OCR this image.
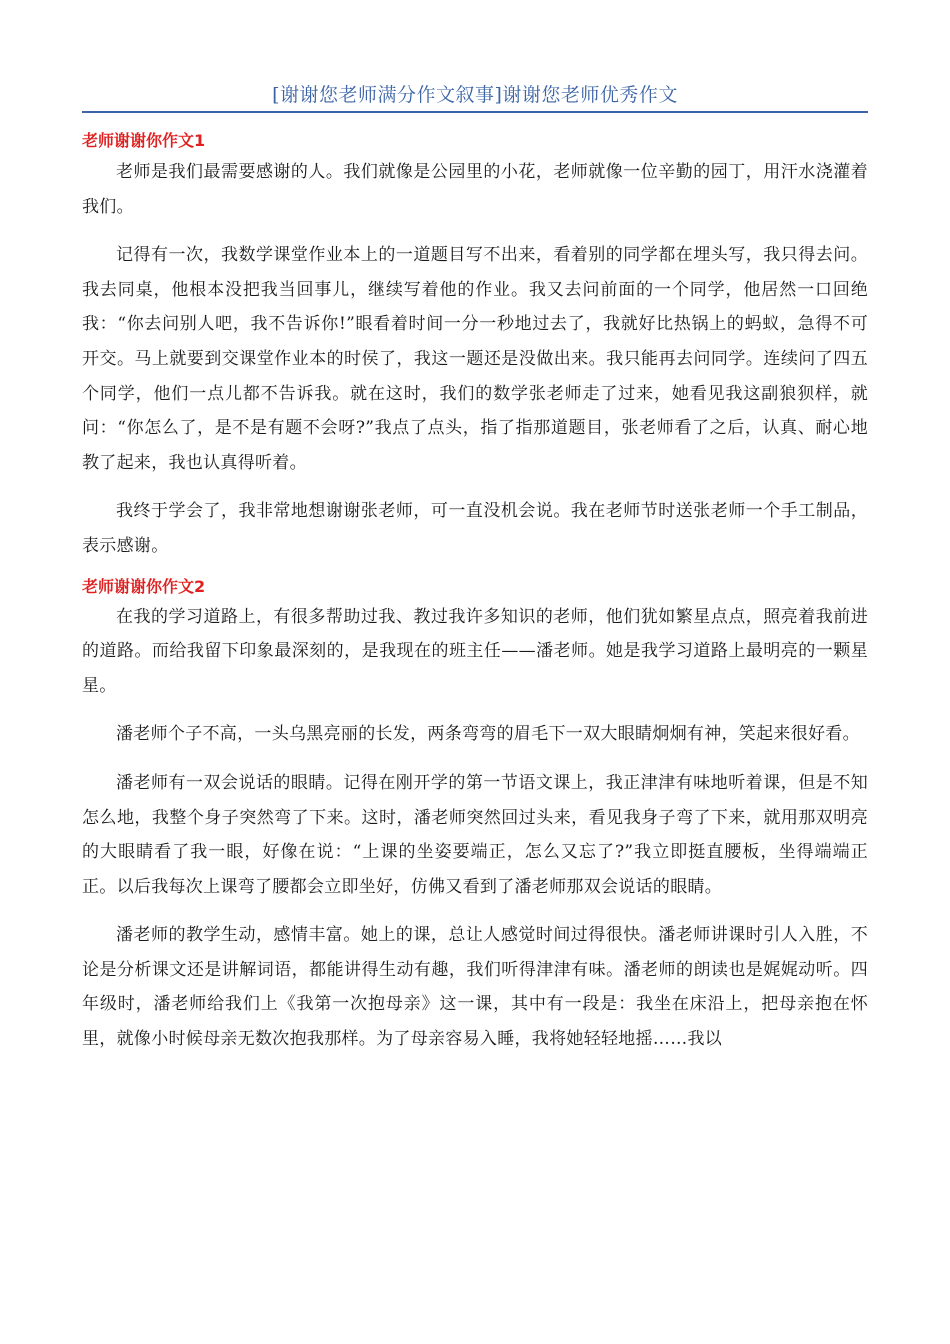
[谢谢您老师满分作文叙事]谢谢您老师优秀作文
老师谢谢你作文1

老师是我们最需要感谢的人。我们就像是公园里的小花，老师就像一位辛勤的园丁，用汗水浇灌着我们。

记得有一次，我数学课堂作业本上的一道题目写不出来，看着别的同学都在埋头写，我只得去问。我去同桌，他根本没把我当回事儿，继续写着他的作业。我又去问前面的一个同学，他居然一口回绝我：“你去问别人吧，我不告诉你!”眼看着时间一分一秒地过去了，我就好比热锅上的蚂蚁，急得不可开交。马上就要到交课堂作业本的时侯了，我这一题还是没做出来。我只能再去问同学。连续问了四五个同学，他们一点儿都不告诉我。就在这时，我们的数学张老师走了过来，她看见我这副狼狈样，就问：“你怎么了，是不是有题不会呀?”我点了点头，指了指那道题目，张老师看了之后，认真、耐心地教了起来，我也认真得听着。

我终于学会了，我非常地想谢谢张老师，可一直没机会说。我在老师节时送张老师一个手工制品，表示感谢。

老师谢谢你作文2

在我的学习道路上，有很多帮助过我、教过我许多知识的老师，他们犹如繁星点点，照亮着我前进的道路。而给我留下印象最深刻的，是我现在的班主任——潘老师。她是我学习道路上最明亮的一颗星星。

潘老师个子不高，一头乌黑亮丽的长发，两条弯弯的眉毛下一双大眼睛炯炯有神，笑起来很好看。

潘老师有一双会说话的眼睛。记得在刚开学的第一节语文课上，我正津津有味地听着课，但是不知怎么地，我整个身子突然弯了下来。这时，潘老师突然回过头来，看见我身子弯了下来，就用那双明亮的大眼睛看了我一眼，好像在说：“上课的坐姿要端正，怎么又忘了?”我立即挺直腰板，坐得端端正正。以后我每次上课弯了腰都会立即坐好，仿佛又看到了潘老师那双会说话的眼睛。

潘老师的教学生动，感情丰富。她上的课，总让人感觉时间过得很快。潘老师讲课时引人入胜，不论是分析课文还是讲解词语，都能讲得生动有趣，我们听得津津有味。潘老师的朗读也是娓娓动听。四年级时，潘老师给我们上《我第一次抱母亲》这一课，其中有一段是：我坐在床沿上，把母亲抱在怀里，就像小时候母亲无数次抱我那样。为了母亲容易入睡，我将她轻轻地摇……我以
